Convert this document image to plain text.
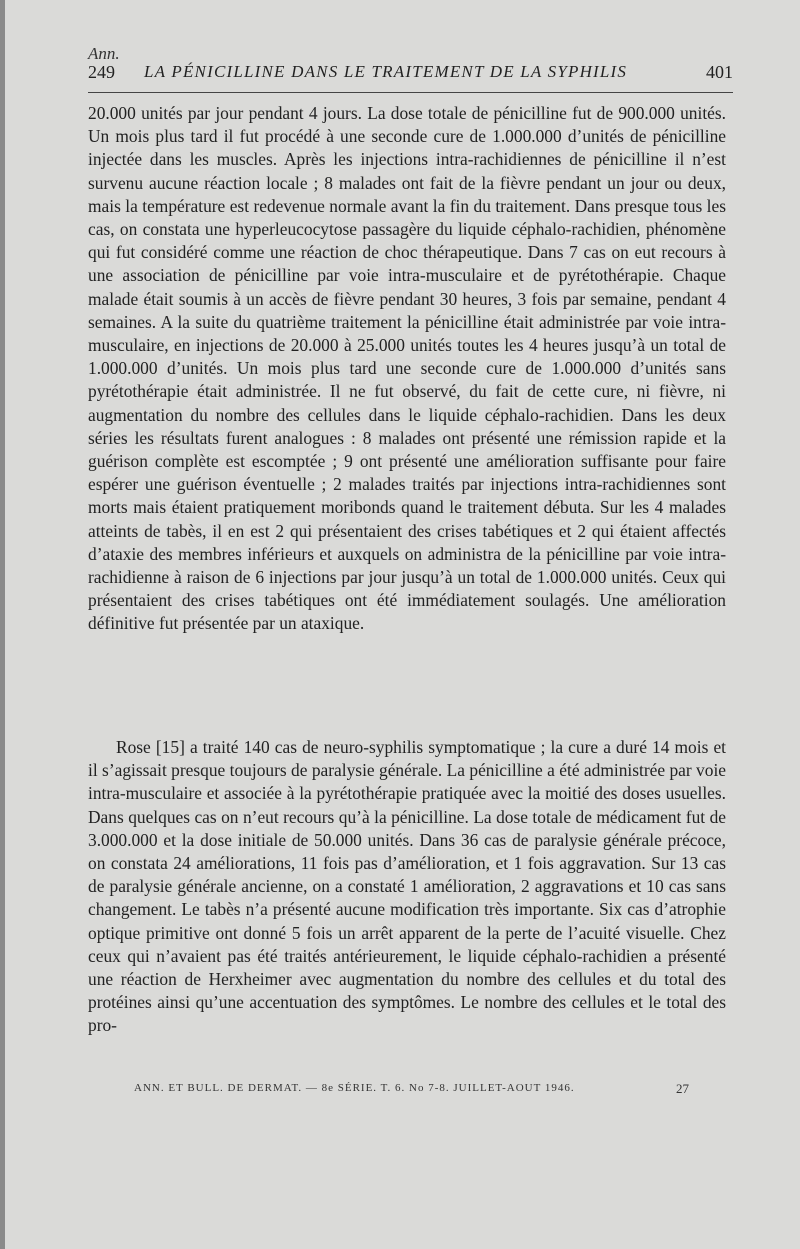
Ann.
249 LA PÉNICILLINE DANS LE TRAITEMENT DE LA SYPHILIS	401

20.000 unités par jour pendant 4 jours. La dose totale de pénicilline fut de 900.000 unités. Un mois plus tard il fut procédé à une seconde cure de 1.000.000 d’unités de pénicilline injectée dans les muscles. Après les injections intra-rachidiennes de pénicilline il n’est survenu aucune réaction locale ; 8 malades ont fait de la fièvre pendant un jour ou deux, mais la température est redevenue normale avant la fin du traitement. Dans presque tous les cas, on constata une hyperleucocytose passagère du liquide céphalo-rachidien, phénomène qui fut considéré comme une réaction de choc thérapeutique. Dans 7 cas on eut recours à une association de pénicilline par voie intra-musculaire et de pyrétothérapie. Chaque malade était soumis à un accès de fièvre pendant 30 heures, 3 fois par semaine, pendant 4 semaines. A la suite du quatrième traitement la pénicilline était administrée par voie intra-musculaire, en injections de 20.000 à 25.000 unités toutes les 4 heures jusqu’à un total de 1.000.000 d’unités. Un mois plus tard une seconde cure de 1.000.000 d’unités sans pyrétothérapie était administrée. Il ne fut observé, du fait de cette cure, ni fièvre, ni augmentation du nombre des cellules dans le liquide céphalo-rachidien. Dans les deux séries les résultats furent analogues : 8 malades ont présenté une rémission rapide et la guérison complète est escomptée ; 9 ont présenté une amélioration suffisante pour faire espérer une guérison éventuelle ; 2 malades traités par injections intra-rachidiennes sont morts mais étaient pratiquement moribonds quand le traitement débuta. Sur les 4 malades atteints de tabès, il en est 2 qui présentaient des crises tabétiques et 2 qui étaient affectés d’ataxie des membres inférieurs et auxquels on administra de la pénicilline par voie intra-rachidienne à raison de 6 injections par jour jusqu’à un total de 1.000.000 unités. Ceux qui présentaient des crises tabétiques ont été immédiatement soulagés. Une amélioration définitive fut présentée par un ataxique.

Rose [15] a traité 140 cas de neuro-syphilis symptomatique ; la cure a duré 14 mois et il s’agissait presque toujours de paralysie générale. La pénicilline a été administrée par voie intra-musculaire et associée à la pyrétothérapie pratiquée avec la moitié des doses usuelles. Dans quelques cas on n’eut recours qu’à la pénicilline. La dose totale de médicament fut de 3.000.000 et la dose initiale de 50.000 unités. Dans 36 cas de paralysie générale précoce, on constata 24 améliorations, 11 fois pas d’amélioration, et 1 fois aggravation. Sur 13 cas de paralysie générale ancienne, on a constaté 1 amélioration, 2 aggravations et 10 cas sans changement. Le tabès n’a présenté aucune modification très importante. Six cas d’atrophie optique primitive ont donné 5 fois un arrêt apparent de la perte de l’acuité visuelle. Chez ceux qui n’avaient pas été traités antérieurement, le liquide céphalo-rachidien a présenté une réaction de Herxheimer avec augmentation du nombre des cellules et du total des protéines ainsi qu’une accentuation des symptômes. Le nombre des cellules et le total des pro-

ANN. ET BULL. DE DERMAT. — 8e SÉRIE. T. 6. No 7-8. JUILLET-AOUT 1946.	27
